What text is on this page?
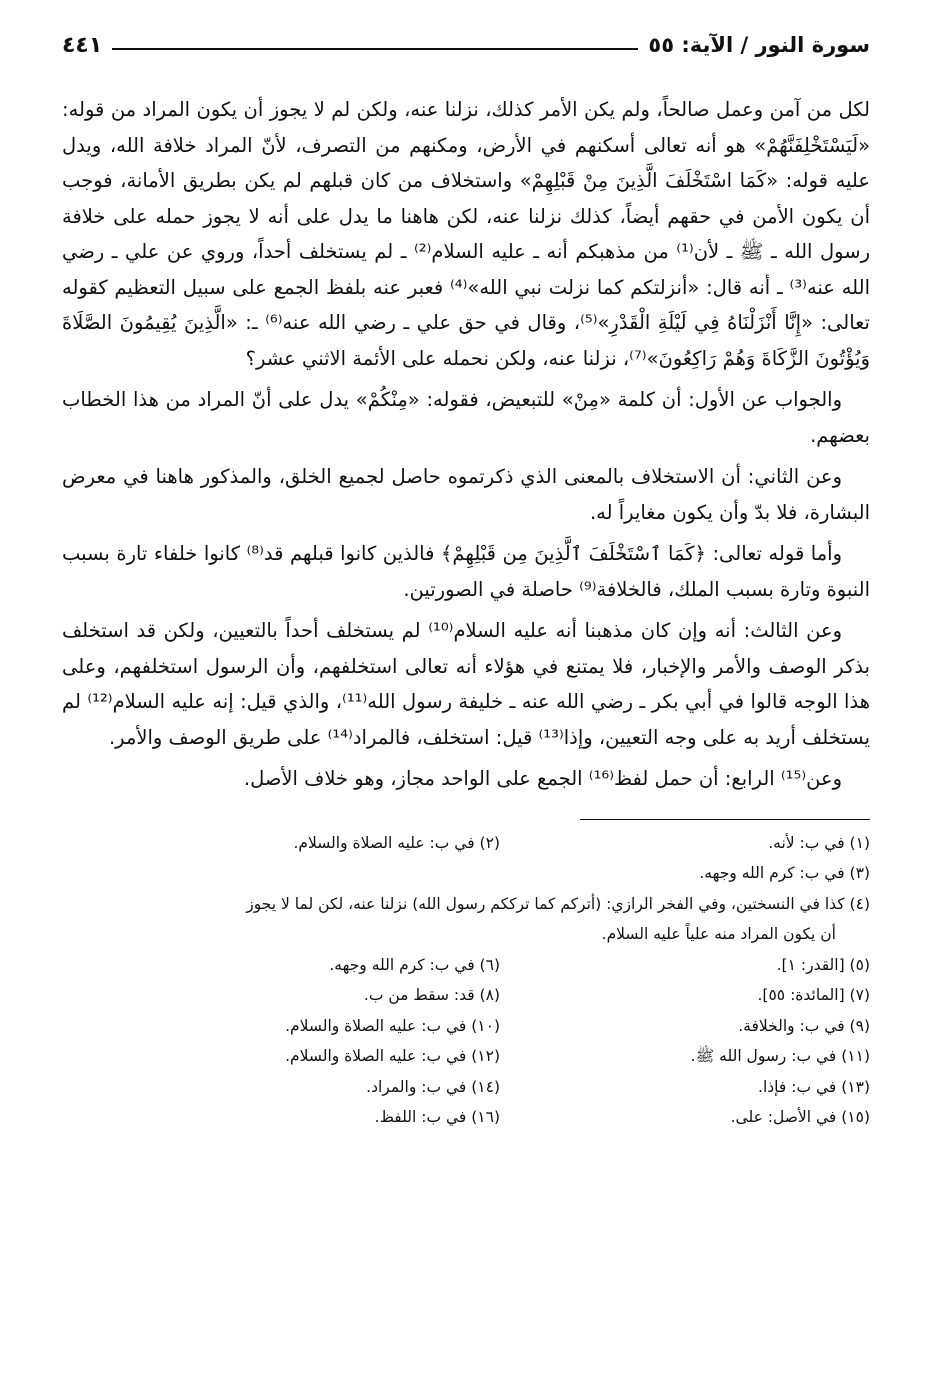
سورة النور / الآية: ٥٥
٤٤١

لكل من آمن وعمل صالحاً، ولم يكن الأمر كذلك، نزلنا عنه، ولكن لم لا يجوز أن يكون المراد من قوله: «لَيَسْتَخْلِفَنَّهُمْ» هو أنه تعالى أسكنهم في الأرض، ومكنهم من التصرف، لأنّ المراد خلافة الله، ويدل عليه قوله: «كَمَا اسْتَخْلَفَ الَّذِينَ مِنْ قَبْلِهِمْ» واستخلاف من كان قبلهم لم يكن بطريق الأمانة، فوجب أن يكون الأمن في حقهم أيضاً، كذلك نزلنا عنه، لكن هاهنا ما يدل على أنه لا يجوز حمله على خلافة رسول الله ـ ﷺ ـ لأن⁽¹⁾ من مذهبكم أنه ـ عليه السلام⁽²⁾ ـ لم يستخلف أحداً، وروي عن علي ـ رضي الله عنه⁽³⁾ ـ أنه قال: «أنزلتكم كما نزلت نبي الله»⁽⁴⁾ فعبر عنه بلفظ الجمع على سبيل التعظيم كقوله تعالى: «إِنَّا أَنْزَلْنَاهُ فِي لَيْلَةِ الْقَدْرِ»⁽⁵⁾، وقال في حق علي ـ رضي الله عنه⁽⁶⁾ ـ: «الَّذِينَ يُقِيمُونَ الصَّلَاةَ وَيُؤْتُونَ الزَّكَاةَ وَهُمْ رَاكِعُونَ»⁽⁷⁾، نزلنا عنه، ولكن نحمله على الأئمة الاثني عشر؟

والجواب عن الأول: أن كلمة «مِنْ» للتبعيض، فقوله: «مِنْكُمْ» يدل على أنّ المراد من هذا الخطاب بعضهم.

وعن الثاني: أن الاستخلاف بالمعنى الذي ذكرتموه حاصل لجميع الخلق، والمذكور هاهنا في معرض البشارة، فلا بدّ وأن يكون مغايراً له.

وأما قوله تعالى: ﴿كَمَا ٱسْتَخْلَفَ ٱلَّذِينَ مِن قَبْلِهِمْ﴾ فالذين كانوا قبلهم قد⁽⁸⁾ كانوا خلفاء تارة بسبب النبوة وتارة بسبب الملك، فالخلافة⁽⁹⁾ حاصلة في الصورتين.

وعن الثالث: أنه وإن كان مذهبنا أنه عليه السلام⁽¹⁰⁾ لم يستخلف أحداً بالتعيين، ولكن قد استخلف بذكر الوصف والأمر والإخبار، فلا يمتنع في هؤلاء أنه تعالى استخلفهم، وأن الرسول استخلفهم، وعلى هذا الوجه قالوا في أبي بكر ـ رضي الله عنه ـ خليفة رسول الله⁽¹¹⁾، والذي قيل: إنه عليه السلام⁽¹²⁾ لم يستخلف أريد به على وجه التعيين، وإذا⁽¹³⁾ قيل: استخلف، فالمراد⁽¹⁴⁾ على طريق الوصف والأمر.

وعن⁽¹⁵⁾ الرابع: أن حمل لفظ⁽¹⁶⁾ الجمع على الواحد مجاز، وهو خلاف الأصل.

(١) في ب: لأنه.
(٢) في ب: عليه الصلاة والسلام.
(٣) في ب: كرم الله وجهه.
(٤) كذا في النسختين، وفي الفخر الرازي: (أتركم كما ترككم رسول الله) نزلنا عنه، لكن لما لا يجوز
أن يكون المراد منه علياً عليه السلام.
(٥) [القدر: ١].
(٦) في ب: كرم الله وجهه.
(٧) [المائدة: ٥٥].
(٨) قد: سقط من ب.
(٩) في ب: والخلافة.
(١٠) في ب: عليه الصلاة والسلام.
(١١) في ب: رسول الله ﷺ.
(١٢) في ب: عليه الصلاة والسلام.
(١٣) في ب: فإذا.
(١٤) في ب: والمراد.
(١٥) في الأصل: على.
(١٦) في ب: اللفظ.
